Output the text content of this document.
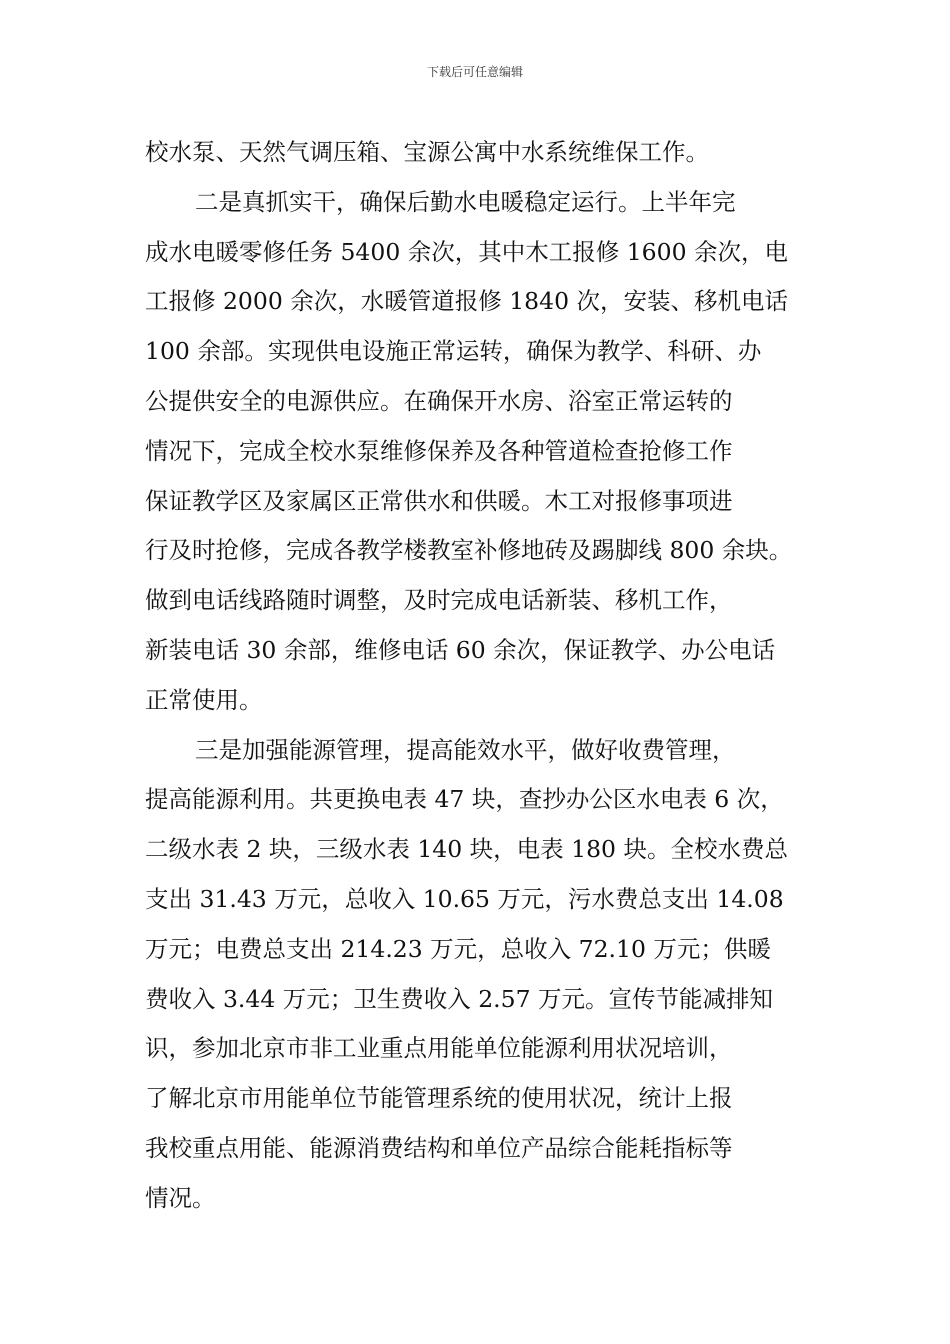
下载后可任意编辑
校水泵、天然气调压箱、宝源公寓中水系统维保工作。
二是真抓实干，确保后勤水电暖稳定运行。上半年完
成水电暖零修任务 5400 余次，其中木工报修 1600 余次，电
工报修 2000 余次，水暖管道报修 1840 次，安装、移机电话
100 余部。实现供电设施正常运转，确保为教学、科研、办
公提供安全的电源供应。在确保开水房、浴室正常运转的
情况下，完成全校水泵维修保养及各种管道检查抢修工作
保证教学区及家属区正常供水和供暖。木工对报修事项进
行及时抢修，完成各教学楼教室补修地砖及踢脚线 800 余块。
做到电话线路随时调整，及时完成电话新装、移机工作，
新装电话 30 余部，维修电话 60 余次，保证教学、办公电话
正常使用。
三是加强能源管理，提高能效水平，做好收费管理，
提高能源利用。共更换电表 47 块，查抄办公区水电表 6 次，
二级水表 2 块，三级水表 140 块，电表 180 块。全校水费总
支出 31.43 万元，总收入 10.65 万元，污水费总支出 14.08
万元；电费总支出 214.23 万元，总收入 72.10 万元；供暖
费收入 3.44 万元；卫生费收入 2.57 万元。宣传节能减排知
识，参加北京市非工业重点用能单位能源利用状况培训，
了解北京市用能单位节能管理系统的使用状况，统计上报
我校重点用能、能源消费结构和单位产品综合能耗指标等
情况。
